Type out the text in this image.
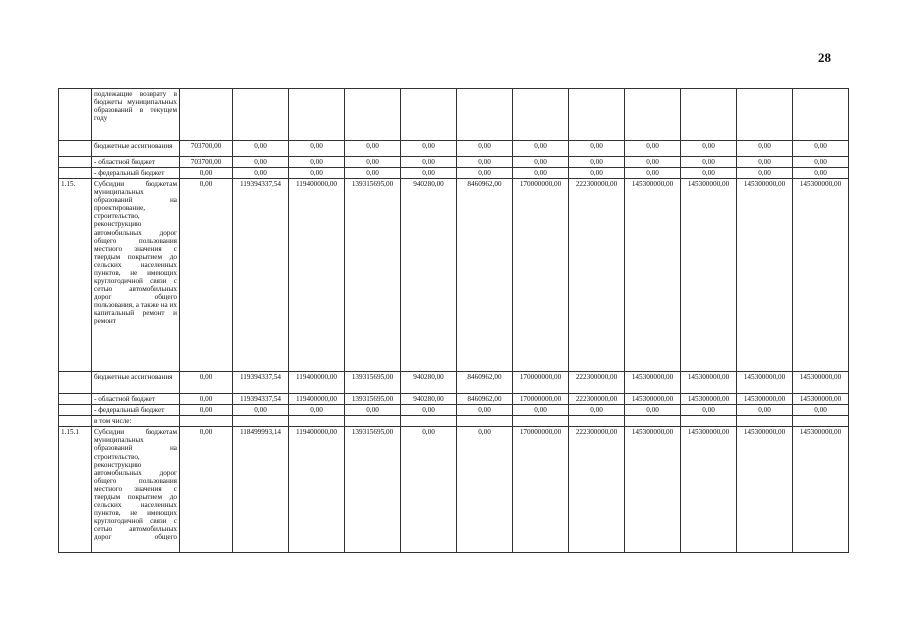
28
	подлежащие возврату в бюджеты муниципальных образований в текущем году												
	бюджетные ассигнования	703700,00	0,00	0,00	0,00	0,00	0,00	0,00	0,00	0,00	0,00	0,00	0,00
	- областной бюджет	703700,00	0,00	0,00	0,00	0,00	0,00	0,00	0,00	0,00	0,00	0,00	0,00
	- федеральный бюджет	0,00	0,00	0,00	0,00	0,00	0,00	0,00	0,00	0,00	0,00	0,00	0,00
1.15.	Субсидии бюджетам муниципальных образований на проектирование, строительство, реконструкцию автомобильных дорог общего пользования местного значения с твердым покрытием до сельских населенных пунктов, не имеющих круглогодичной связи с сетью автомобильных дорог общего пользования, а также на их капитальный ремонт и ремонт	0,00	119394337,54	119400000,00	139315695,00	940280,00	8460962,00	170000000,00	222300000,00	145300000,00	145300000,00	145300000,00	145300000,00
	бюджетные ассигнования	0,00	119394337,54	119400000,00	139315695,00	940280,00	8460962,00	170000000,00	222300000,00	145300000,00	145300000,00	145300000,00	145300000,00
	- областной бюджет	0,00	119394337,54	119400000,00	139315695,00	940280,00	8460962,00	170000000,00	222300000,00	145300000,00	145300000,00	145300000,00	145300000,00
	- федеральный бюджет	0,00	0,00	0,00	0,00	0,00	0,00	0,00	0,00	0,00	0,00	0,00	0,00
	в том числе:												
1.15.1	Субсидии бюджетам муниципальных образований на строительство, реконструкцию автомобильных дорог общего пользования местного значения с твердым покрытием до сельских населенных пунктов, не имеющих круглогодичной связи с сетью автомобильных дорог общего	0,00	118499993,14	119400000,00	139315695,00	0,00	0,00	170000000,00	222300000,00	145300000,00	145300000,00	145300000,00	145300000,00
